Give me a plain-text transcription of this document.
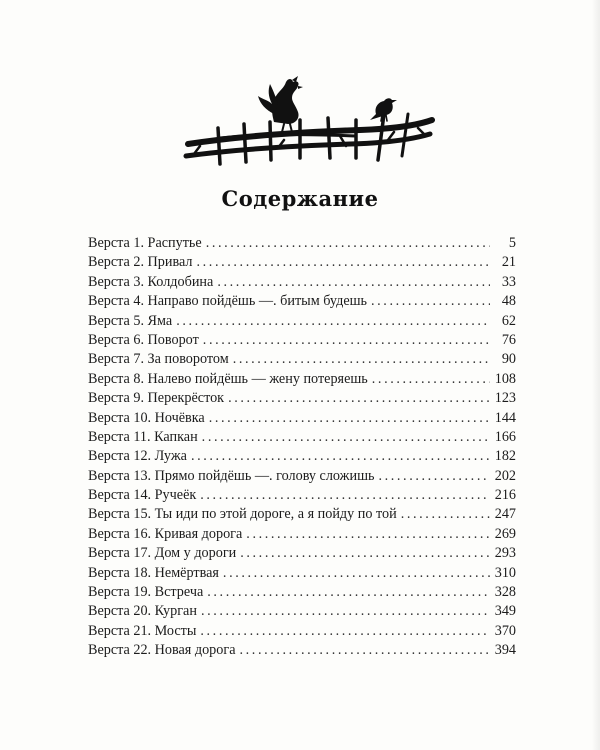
Содержание
Верста 1. Распутье .....	5
Верста 2. Привал .....	21
Верста 3. Колдобина .....	33
Верста 4. Направо пойдёшь —. битым будешь .....	48
Верста 5. Яма .....	62
Верста 6. Поворот .....	76
Верста 7. За поворотом .....	90
Верста 8. Налево пойдёшь — жену потеряешь .....	108
Верста 9. Перекрёсток .....	123
Верста 10. Ночёвка .....	144
Верста 11. Капкан .....	166
Верста 12. Лужа .....	182
Верста 13. Прямо пойдёшь —. голову сложишь .....	202
Верста 14. Ручеёк .....	216
Верста 15. Ты иди по этой дороге, а я пойду по той .....	247
Верста 16. Кривая дорога .....	269
Верста 17. Дом у дороги .....	293
Верста 18. Немёртвая .....	310
Верста 19. Встреча .....	328
Верста 20. Курган .....	349
Верста 21. Мосты .....	370
Верста 22. Новая дорога .....	394
